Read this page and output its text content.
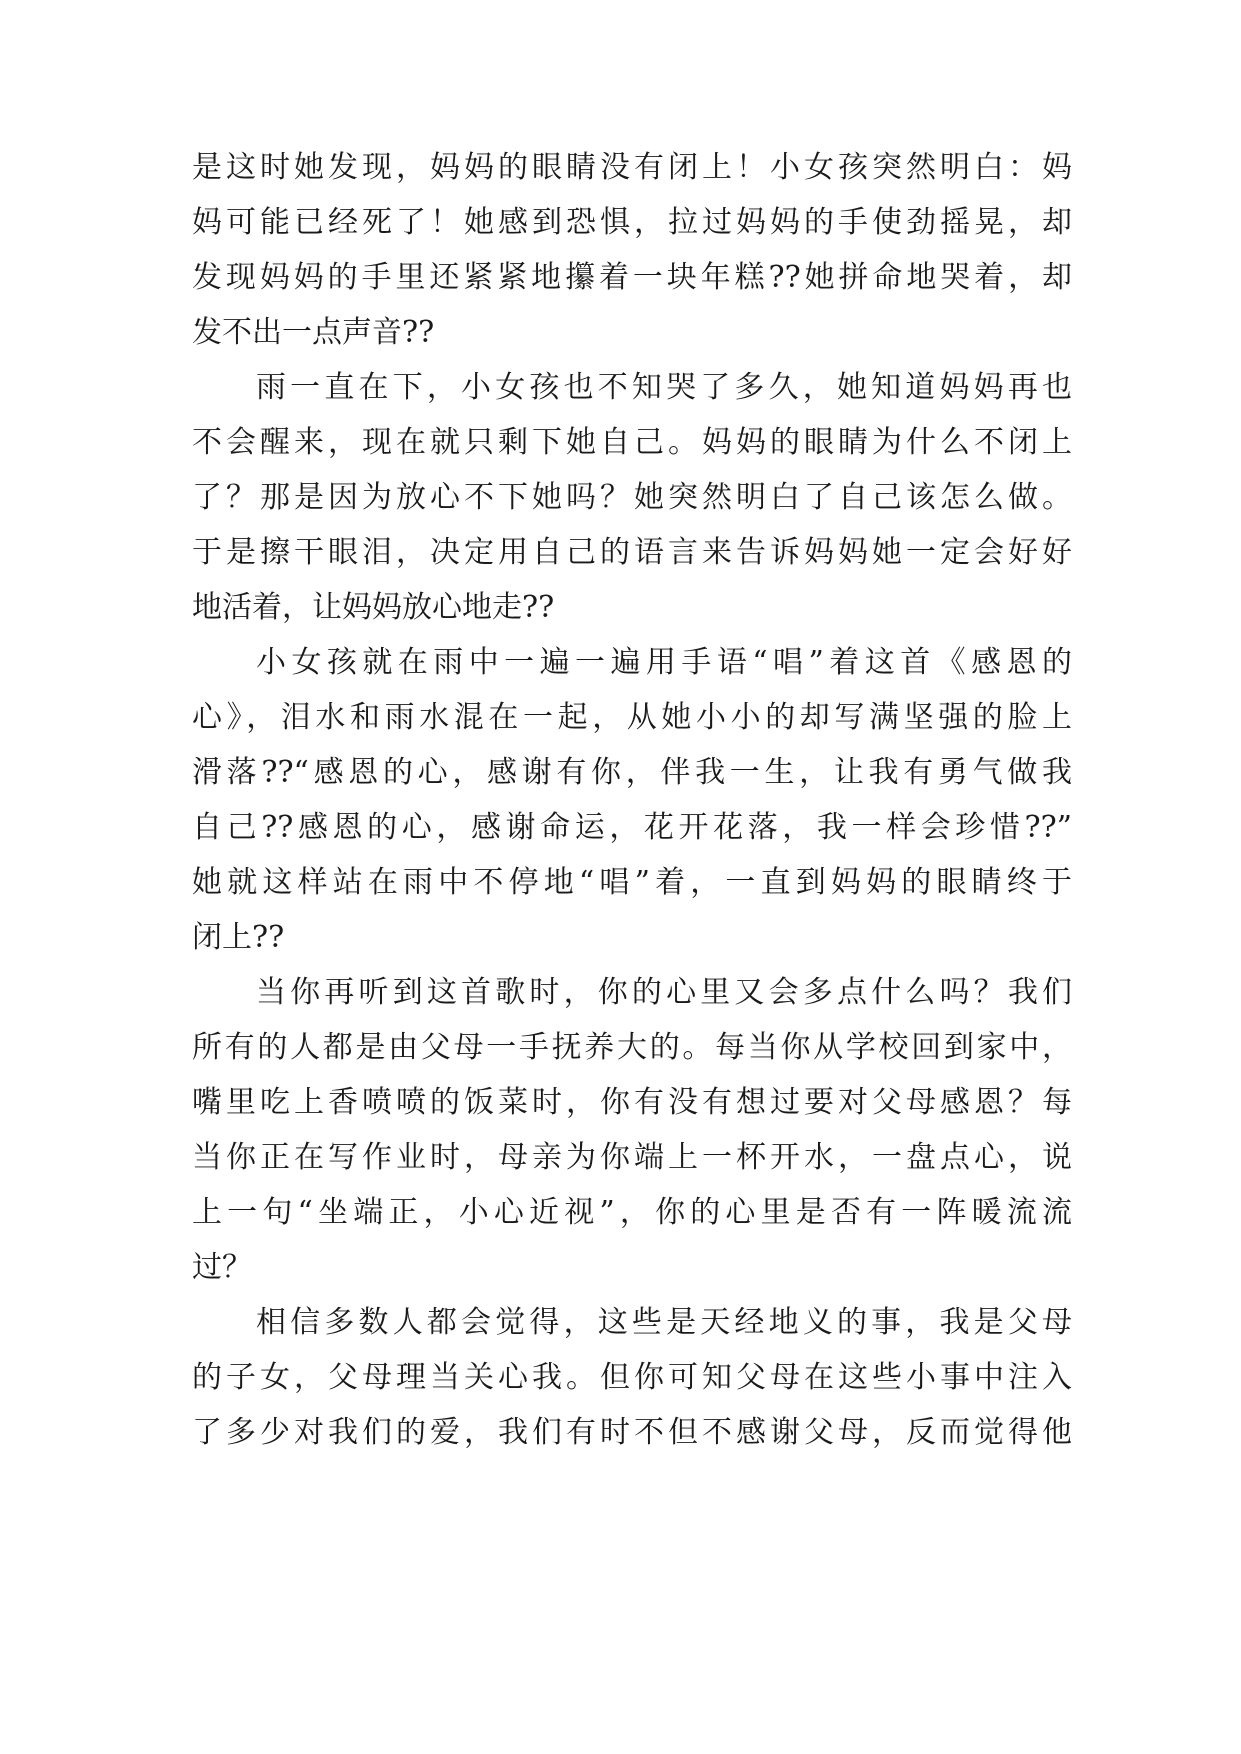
是这时她发现，妈妈的眼睛没有闭上！小女孩突然明白：妈

妈可能已经死了！她感到恐惧，拉过妈妈的手使劲摇晃，却

发现妈妈的手里还紧紧地攥着一块年糕??她拼命地哭着，却

发不出一点声音??

雨一直在下，小女孩也不知哭了多久，她知道妈妈再也

不会醒来，现在就只剩下她自己。妈妈的眼睛为什么不闭上

了？那是因为放心不下她吗？她突然明白了自己该怎么做。

于是擦干眼泪，决定用自己的语言来告诉妈妈她一定会好好

地活着，让妈妈放心地走??

小女孩就在雨中一遍一遍用手语“唱”着这首《感恩的

心》，泪水和雨水混在一起，从她小小的却写满坚强的脸上

滑落??“感恩的心，感谢有你，伴我一生，让我有勇气做我

自己??感恩的心，感谢命运，花开花落，我一样会珍惜??”

她就这样站在雨中不停地“唱”着，一直到妈妈的眼睛终于

闭上??

当你再听到这首歌时，你的心里又会多点什么吗？我们

所有的人都是由父母一手抚养大的。每当你从学校回到家中，

嘴里吃上香喷喷的饭菜时，你有没有想过要对父母感恩？每

当你正在写作业时，母亲为你端上一杯开水，一盘点心，说

上一句“坐端正，小心近视”，你的心里是否有一阵暖流流

过？

相信多数人都会觉得，这些是天经地义的事，我是父母

的子女，父母理当关心我。但你可知父母在这些小事中注入

了多少对我们的爱，我们有时不但不感谢父母，反而觉得他
